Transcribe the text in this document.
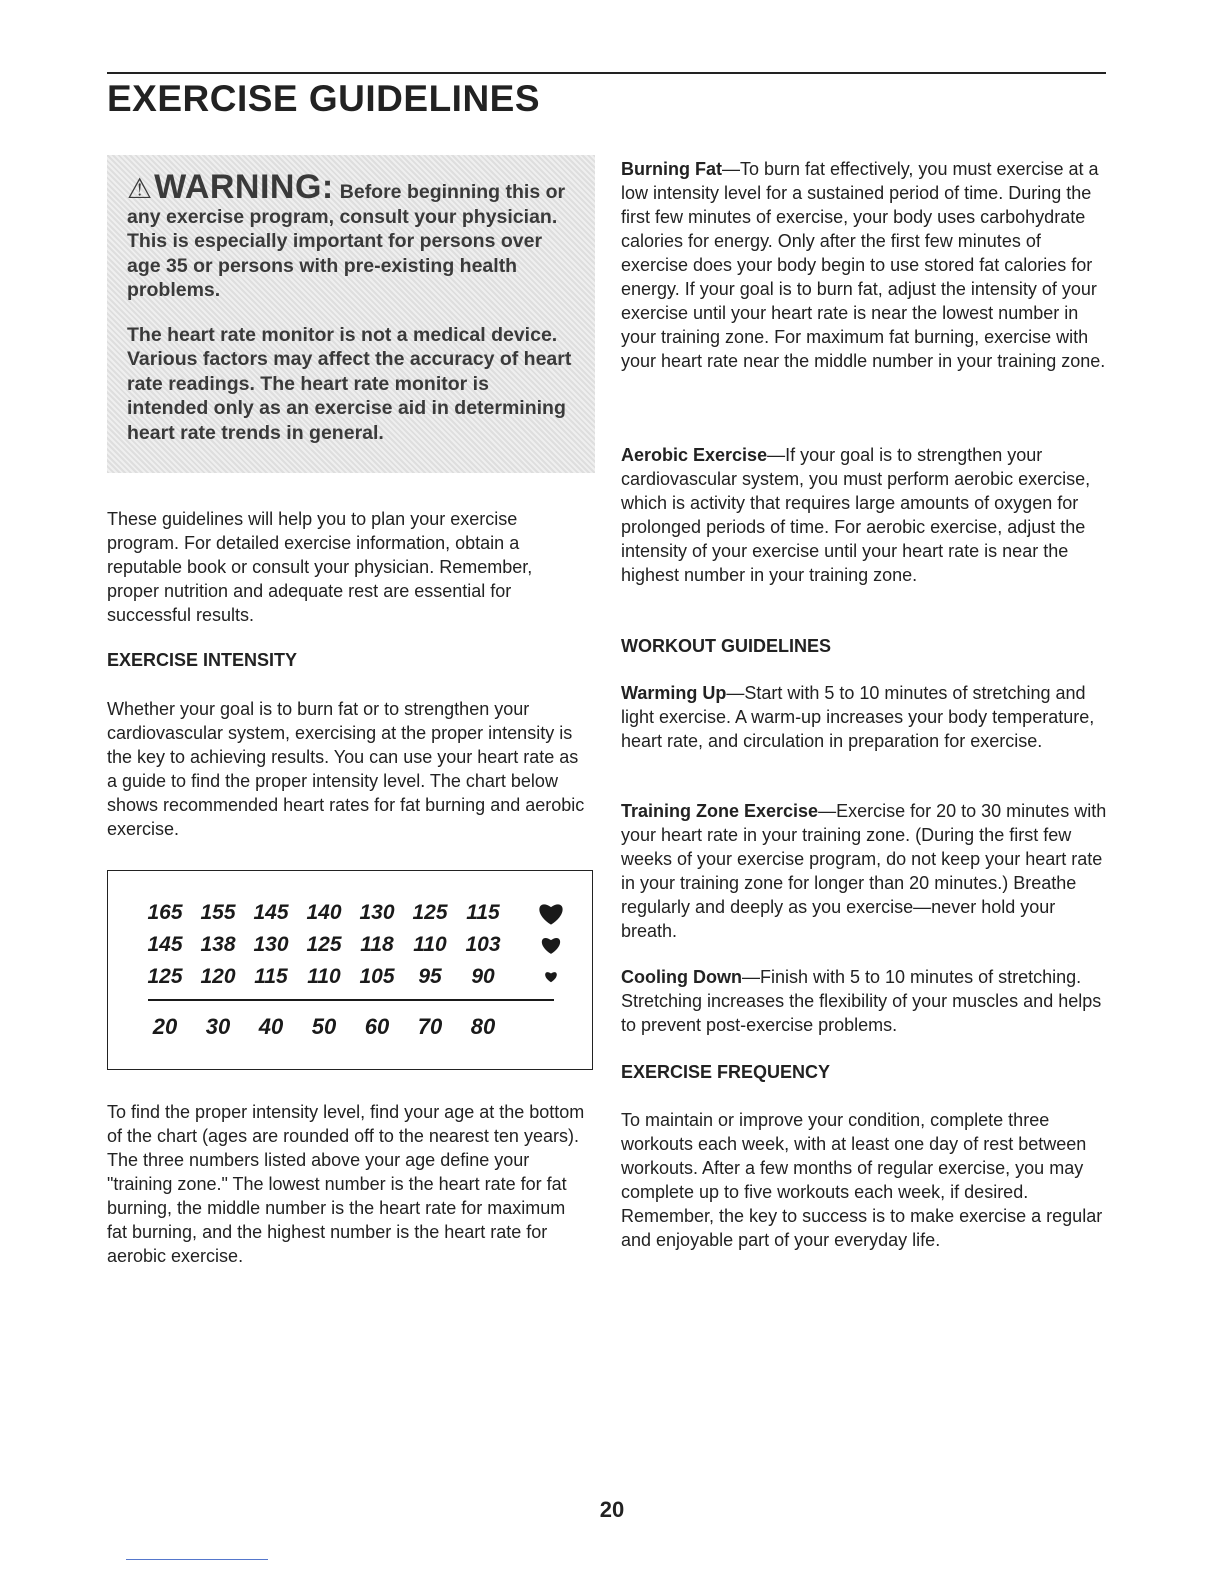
EXERCISE GUIDELINES

⚠WARNING: Before beginning this or any exercise program, consult your physician. This is especially important for persons over age 35 or persons with pre-existing health problems.

The heart rate monitor is not a medical device. Various factors may affect the accuracy of heart rate readings. The heart rate monitor is intended only as an exercise aid in determining heart rate trends in general.

These guidelines will help you to plan your exercise program. For detailed exercise information, obtain a reputable book or consult your physician. Remember, proper nutrition and adequate rest are essential for successful results.

EXERCISE INTENSITY

Whether your goal is to burn fat or to strengthen your cardiovascular system, exercising at the proper intensity is the key to achieving results. You can use your heart rate as a guide to find the proper intensity level. The chart below shows recommended heart rates for fat burning and aerobic exercise.

165 155 145 140 130 125 115
145 138 130 125 118 110 103
125 120 115 110 105 95 90
20 30 40 50 60 70 80

To find the proper intensity level, find your age at the bottom of the chart (ages are rounded off to the nearest ten years). The three numbers listed above your age define your "training zone." The lowest number is the heart rate for fat burning, the middle number is the heart rate for maximum fat burning, and the highest number is the heart rate for aerobic exercise.

Burning Fat—To burn fat effectively, you must exercise at a low intensity level for a sustained period of time. During the first few minutes of exercise, your body uses carbohydrate calories for energy. Only after the first few minutes of exercise does your body begin to use stored fat calories for energy. If your goal is to burn fat, adjust the intensity of your exercise until your heart rate is near the lowest number in your training zone. For maximum fat burning, exercise with your heart rate near the middle number in your training zone.

Aerobic Exercise—If your goal is to strengthen your cardiovascular system, you must perform aerobic exercise, which is activity that requires large amounts of oxygen for prolonged periods of time. For aerobic exercise, adjust the intensity of your exercise until your heart rate is near the highest number in your training zone.

WORKOUT GUIDELINES

Warming Up—Start with 5 to 10 minutes of stretching and light exercise. A warm-up increases your body temperature, heart rate, and circulation in preparation for exercise.

Training Zone Exercise—Exercise for 20 to 30 minutes with your heart rate in your training zone. (During the first few weeks of your exercise program, do not keep your heart rate in your training zone for longer than 20 minutes.) Breathe regularly and deeply as you exercise—never hold your breath.

Cooling Down—Finish with 5 to 10 minutes of stretching. Stretching increases the flexibility of your muscles and helps to prevent post-exercise problems.

EXERCISE FREQUENCY

To maintain or improve your condition, complete three workouts each week, with at least one day of rest between workouts. After a few months of regular exercise, you may complete up to five workouts each week, if desired. Remember, the key to success is to make exercise a regular and enjoyable part of your everyday life.

20
